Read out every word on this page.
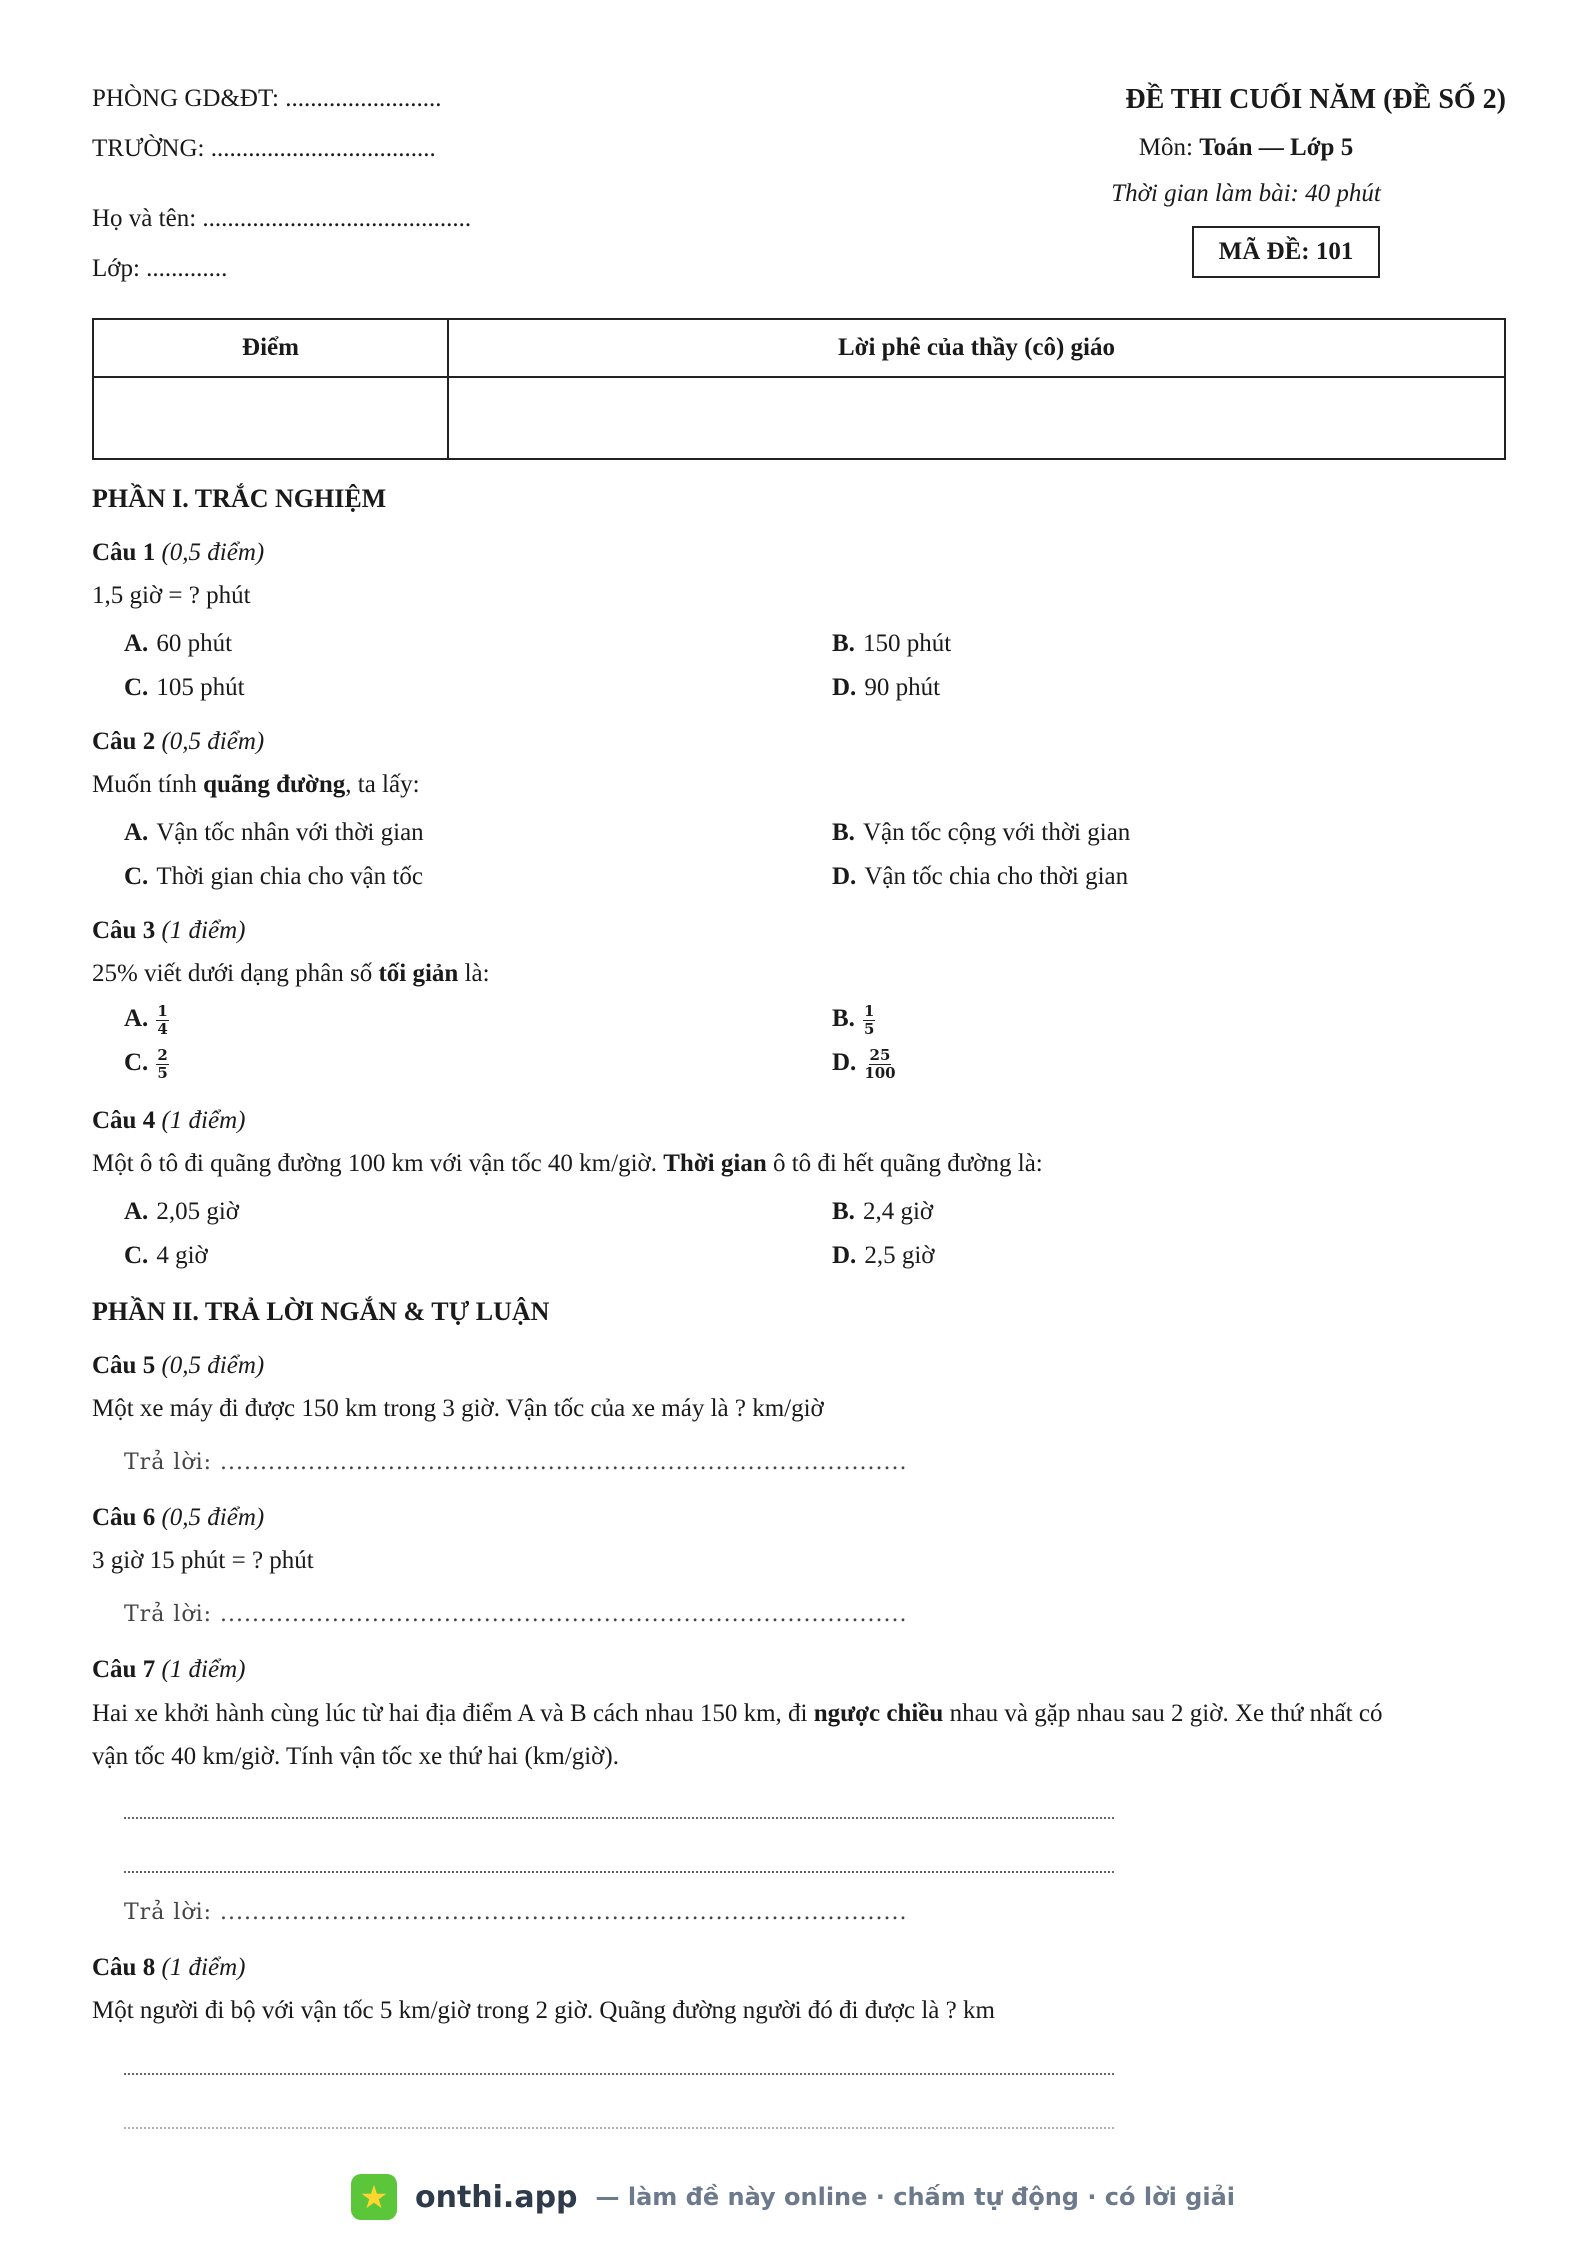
PHÒNG GD&ĐT: .........................
TRƯỜNG: ....................................
Họ và tên: ...........................................
Lớp: .............
ĐỀ THI CUỐI NĂM (ĐỀ SỐ 2)
Môn: Toán — Lớp 5
Thời gian làm bài: 40 phút
MÃ ĐỀ: 101
Điểm	Lời phê của thầy (cô) giáo

PHẦN I. TRẮC NGHIỆM
Câu 1 (0,5 điểm)
1,5 giờ = ? phút
A. 60 phút	B. 150 phút
C. 105 phút	D. 90 phút
Câu 2 (0,5 điểm)
Muốn tính quãng đường, ta lấy:
A. Vận tốc nhân với thời gian	B. Vận tốc cộng với thời gian
C. Thời gian chia cho vận tốc	D. Vận tốc chia cho thời gian
Câu 3 (1 điểm)
25% viết dưới dạng phân số tối giản là:
A. $\frac{1}{4}$	B. $\frac{1}{5}$
C. $\frac{2}{5}$	D. $\frac{25}{100}$
Câu 4 (1 điểm)
Một ô tô đi quãng đường 100 km với vận tốc 40 km/giờ. Thời gian ô tô đi hết quãng đường là:
A. 2,05 giờ	B. 2,4 giờ
C. 4 giờ	D. 2,5 giờ
PHẦN II. TRẢ LỜI NGẮN & TỰ LUẬN
Câu 5 (0,5 điểm)
Một xe máy đi được 150 km trong 3 giờ. Vận tốc của xe máy là ? km/giờ
Trả lời: ......................................................................................
Câu 6 (0,5 điểm)
3 giờ 15 phút = ? phút
Trả lời: ......................................................................................
Câu 7 (1 điểm)
Hai xe khởi hành cùng lúc từ hai địa điểm A và B cách nhau 150 km, đi ngược chiều nhau và gặp nhau sau 2 giờ. Xe thứ nhất có
vận tốc 40 km/giờ. Tính vận tốc xe thứ hai (km/giờ).
Trả lời: ......................................................................................
Câu 8 (1 điểm)
Một người đi bộ với vận tốc 5 km/giờ trong 2 giờ. Quãng đường người đó đi được là ? km
★ onthi.app — làm đề này online · chấm tự động · có lời giải
